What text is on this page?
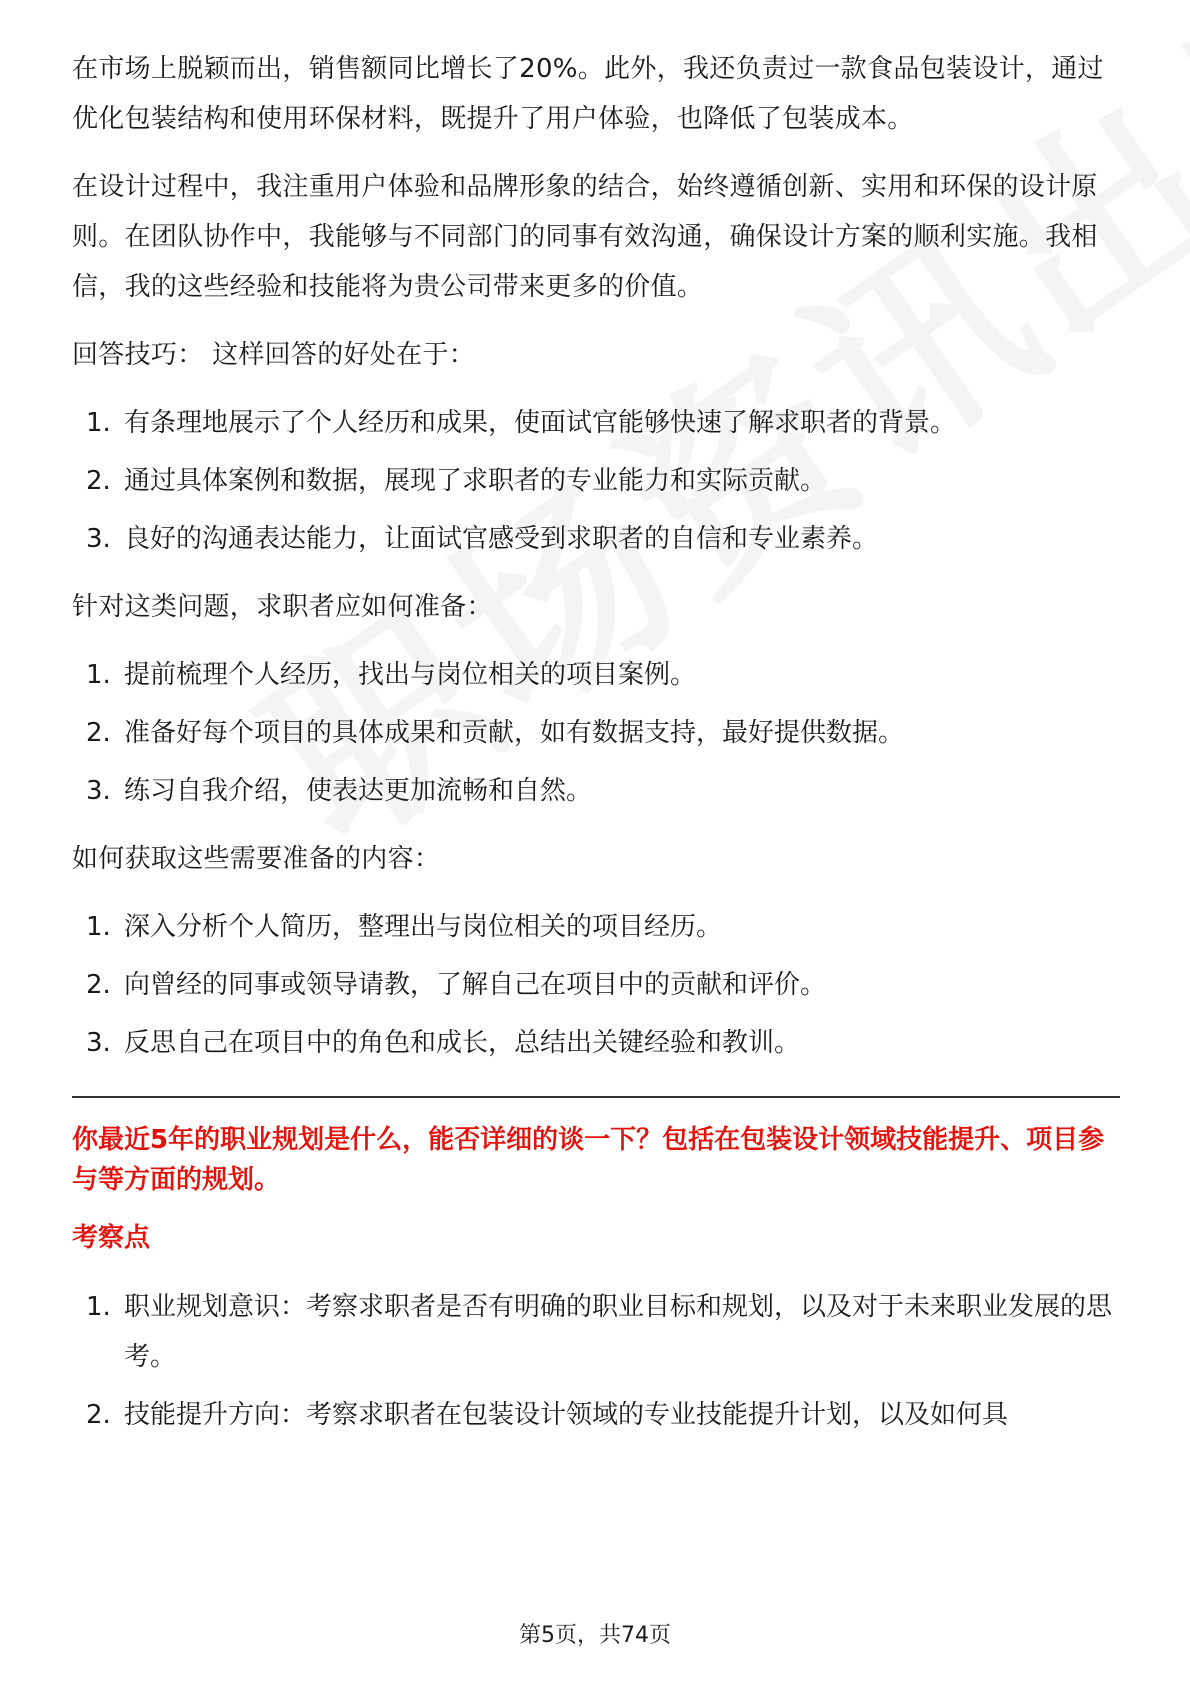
在市场上脱颖而出，销售额同比增长了20%。此外，我还负责过一款食品包装设计，通过优化包装结构和使用环保材料，既提升了用户体验，也降低了包装成本。

在设计过程中，我注重用户体验和品牌形象的结合，始终遵循创新、实用和环保的设计原则。在团队协作中，我能够与不同部门的同事有效沟通，确保设计方案的顺利实施。我相信，我的这些经验和技能将为贵公司带来更多的价值。

回答技巧： 这样回答的好处在于：

1. 有条理地展示了个人经历和成果，使面试官能够快速了解求职者的背景。
2. 通过具体案例和数据，展现了求职者的专业能力和实际贡献。
3. 良好的沟通表达能力，让面试官感受到求职者的自信和专业素养。

针对这类问题，求职者应如何准备：

1. 提前梳理个人经历，找出与岗位相关的项目案例。
2. 准备好每个项目的具体成果和贡献，如有数据支持，最好提供数据。
3. 练习自我介绍，使表达更加流畅和自然。

如何获取这些需要准备的内容：

1. 深入分析个人简历，整理出与岗位相关的项目经历。
2. 向曾经的同事或领导请教，了解自己在项目中的贡献和评价。
3. 反思自己在项目中的角色和成长，总结出关键经验和教训。
你最近5年的职业规划是什么，能否详细的谈一下？包括在包装设计领域技能提升、项目参与等方面的规划。
考察点
1. 职业规划意识：考察求职者是否有明确的职业目标和规划，以及对于未来职业发展的思考。
2. 技能提升方向：考察求职者在包装设计领域的专业技能提升计划，以及如何具
第5页，共74页
